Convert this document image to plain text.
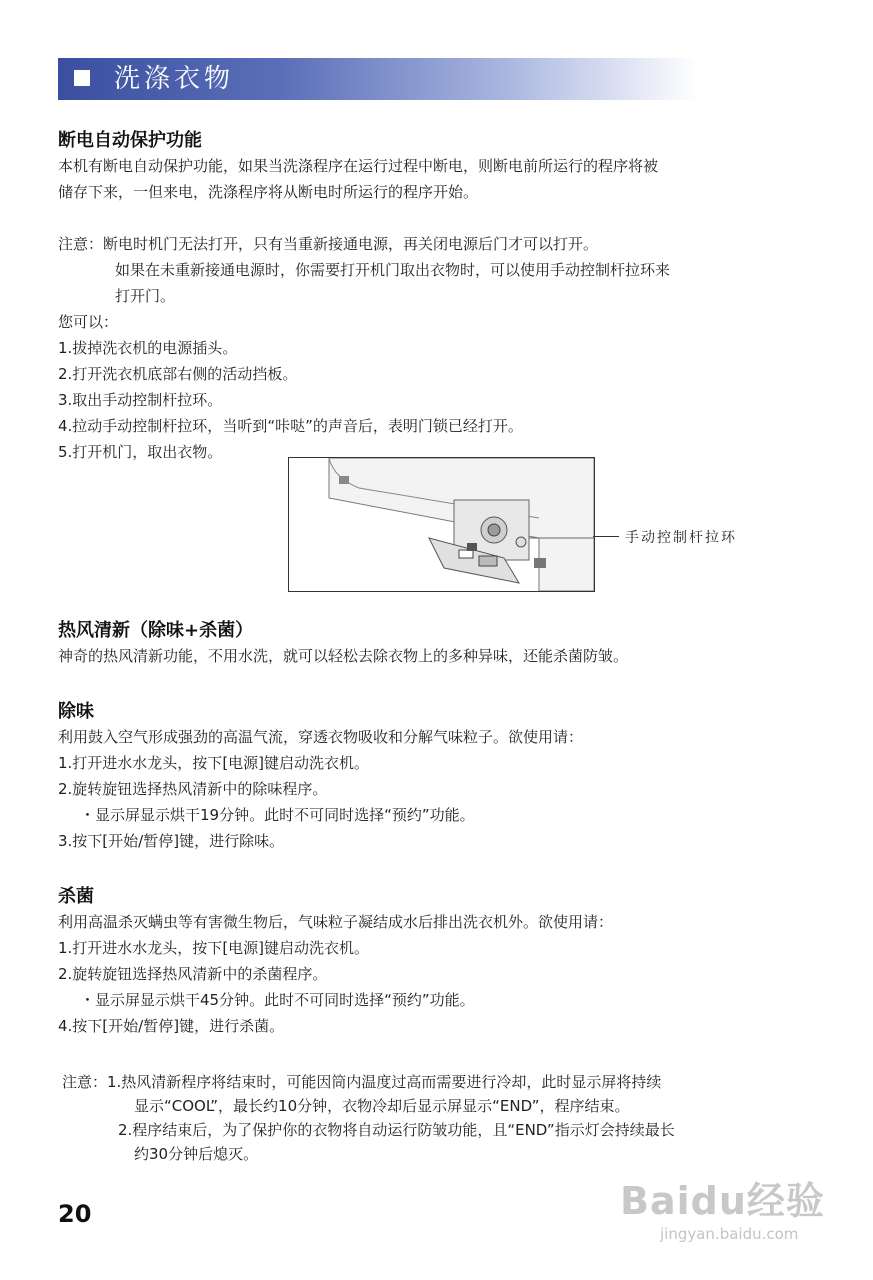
洗涤衣物
断电自动保护功能
本机有断电自动保护功能，如果当洗涤程序在运行过程中断电，则断电前所运行的程序将被
储存下来，一但来电，洗涤程序将从断电时所运行的程序开始。
注意：断电时机门无法打开，只有当重新接通电源，再关闭电源后门才可以打开。
如果在未重新接通电源时，你需要打开机门取出衣物时，可以使用手动控制杆拉环来
打开门。
您可以：
1.拔掉洗衣机的电源插头。
2.打开洗衣机底部右侧的活动挡板。
3.取出手动控制杆拉环。
4.拉动手动控制杆拉环，当听到“咔哒”的声音后，表明门锁已经打开。
5.打开机门，取出衣物。
手动控制杆拉环
热风清新（除味+杀菌）
神奇的热风清新功能，不用水洗，就可以轻松去除衣物上的多种异味，还能杀菌防皱。
除味
利用鼓入空气形成强劲的高温气流，穿透衣物吸收和分解气味粒子。欲使用请：
1.打开进水水龙头，按下[电源]键启动洗衣机。
2.旋转旋钮选择热风清新中的除味程序。
・显示屏显示烘干19分钟。此时不可同时选择“预约”功能。
3.按下[开始/暂停]键，进行除味。
杀菌
利用高温杀灭螨虫等有害微生物后，气味粒子凝结成水后排出洗衣机外。欲使用请：
1.打开进水水龙头，按下[电源]键启动洗衣机。
2.旋转旋钮选择热风清新中的杀菌程序。
・显示屏显示烘干45分钟。此时不可同时选择“预约”功能。
4.按下[开始/暂停]键，进行杀菌。
注意：1.热风清新程序将结束时，可能因筒内温度过高而需要进行冷却，此时显示屏将持续
显示“COOL”，最长约10分钟，衣物冷却后显示屏显示“END”，程序结束。
2.程序结束后，为了保护你的衣物将自动运行防皱功能，且“END”指示灯会持续最长
约30分钟后熄灭。
20	Baidu经验
jingyan.baidu.com
